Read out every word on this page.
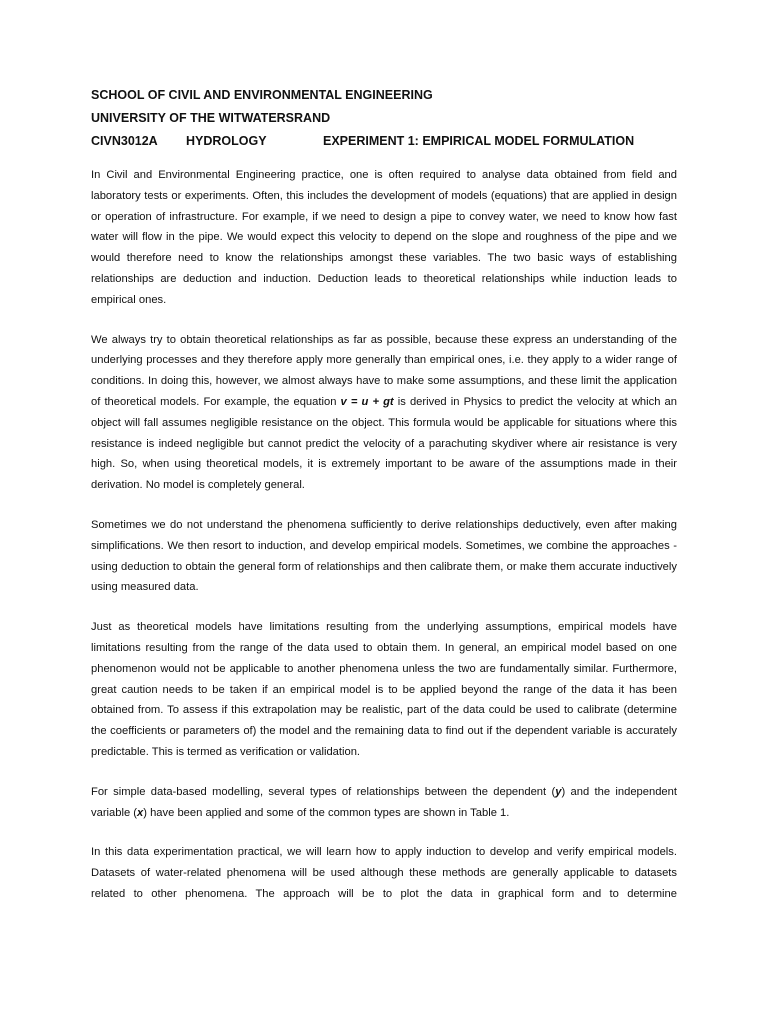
SCHOOL OF CIVIL AND ENVIRONMENTAL ENGINEERING
UNIVERSITY OF THE WITWATERSRAND
CIVN3012A	HYDROLOGY	EXPERIMENT 1: EMPIRICAL MODEL FORMULATION

In Civil and Environmental Engineering practice, one is often required to analyse data obtained from field and laboratory tests or experiments. Often, this includes the development of models (equations) that are applied in design or operation of infrastructure. For example, if we need to design a pipe to convey water, we need to know how fast water will flow in the pipe. We would expect this velocity to depend on the slope and roughness of the pipe and we would therefore need to know the relationships amongst these variables. The two basic ways of establishing relationships are deduction and induction. Deduction leads to theoretical relationships while induction leads to empirical ones.

We always try to obtain theoretical relationships as far as possible, because these express an understanding of the underlying processes and they therefore apply more generally than empirical ones, i.e. they apply to a wider range of conditions. In doing this, however, we almost always have to make some assumptions, and these limit the application of theoretical models. For example, the equation v = u + gt is derived in Physics to predict the velocity at which an object will fall assumes negligible resistance on the object. This formula would be applicable for situations where this resistance is indeed negligible but cannot predict the velocity of a parachuting skydiver where air resistance is very high. So, when using theoretical models, it is extremely important to be aware of the assumptions made in their derivation. No model is completely general.

Sometimes we do not understand the phenomena sufficiently to derive relationships deductively, even after making simplifications. We then resort to induction, and develop empirical models. Sometimes, we combine the approaches - using deduction to obtain the general form of relationships and then calibrate them, or make them accurate inductively using measured data.

Just as theoretical models have limitations resulting from the underlying assumptions, empirical models have limitations resulting from the range of the data used to obtain them. In general, an empirical model based on one phenomenon would not be applicable to another phenomena unless the two are fundamentally similar. Furthermore, great caution needs to be taken if an empirical model is to be applied beyond the range of the data it has been obtained from. To assess if this extrapolation may be realistic, part of the data could be used to calibrate (determine the coefficients or parameters of) the model and the remaining data to find out if the dependent variable is accurately predictable. This is termed as verification or validation.

For simple data-based modelling, several types of relationships between the dependent (y) and the independent variable (x) have been applied and some of the common types are shown in Table 1.

In this data experimentation practical, we will learn how to apply induction to develop and verify empirical models. Datasets of water-related phenomena will be used although these methods are generally applicable to datasets related to other phenomena. The approach will be to plot the data in graphical form and to determine
